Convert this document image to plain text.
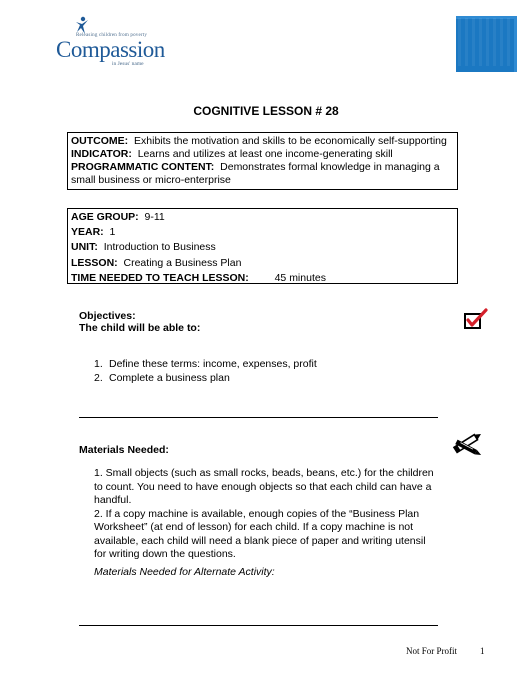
Releasing children from poverty
Compassion
in Jesus' name
COGNITIVE LESSON # 28
OUTCOME: Exhibits the motivation and skills to be economically self-supporting
INDICATOR: Learns and utilizes at least one income-generating skill
PROGRAMMATIC CONTENT: Demonstrates formal knowledge in managing a
small business or micro-enterprise
AGE GROUP: 9-11
YEAR: 1
UNIT: Introduction to Business
LESSON: Creating a Business Plan
TIME NEEDED TO TEACH LESSON: 45 minutes
Objectives:
The child will be able to:
1. Define these terms: income, expenses, profit
2. Complete a business plan
Materials Needed:
1. Small objects (such as small rocks, beads, beans, etc.) for the children
to count. You need to have enough objects so that each child can have a
handful.
2. If a copy machine is available, enough copies of the “Business Plan
Worksheet” (at end of lesson) for each child. If a copy machine is not
available, each child will need a blank piece of paper and writing utensil
for writing down the questions.
Materials Needed for Alternate Activity:
Not For Profit	1
